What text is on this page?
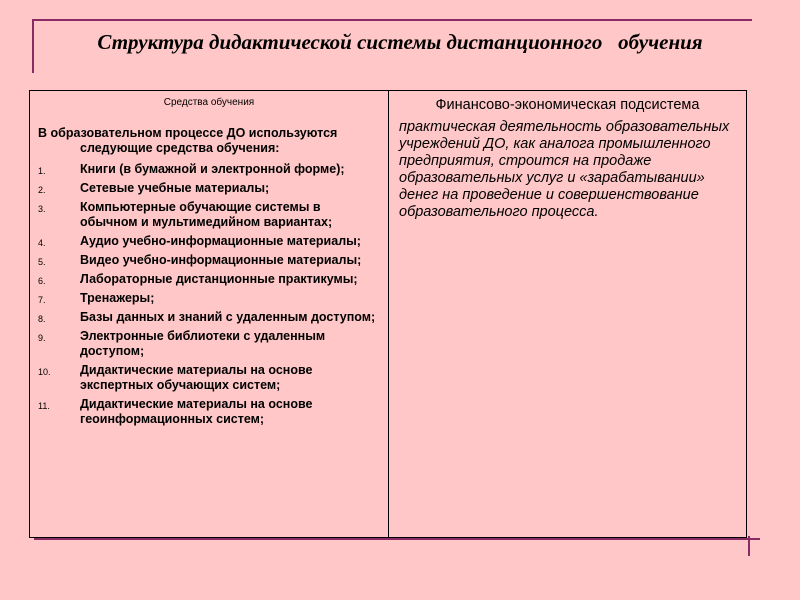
Структура дидактической системы дистанционного   обучения
Средства обучения
В образовательном процессе ДО используются следующие средства обучения:
1.	Книги (в бумажной и электронной форме);
2.	Сетевые учебные материалы;
3.	Компьютерные обучающие системы в обычном и мультимедийном вариантах;
4.	Аудио учебно-информационные материалы;
5.	Видео учебно-информационные материалы;
6.	Лабораторные дистанционные практикумы;
7.	Тренажеры;
8.	Базы данных и знаний с удаленным доступом;
9.	Электронные библиотеки с удаленным доступом;
10. Дидактические материалы на основе экспертных обучающих систем;
11. Дидактические материалы на основе геоинформационных систем;
Финансово-экономическая подсистема
практическая деятельность образовательных учреждений ДО, как аналога промышленного предприятия, строится на продаже образовательных услуг и «зарабатывании» денег на проведение и совершенствование образовательного процесса.
